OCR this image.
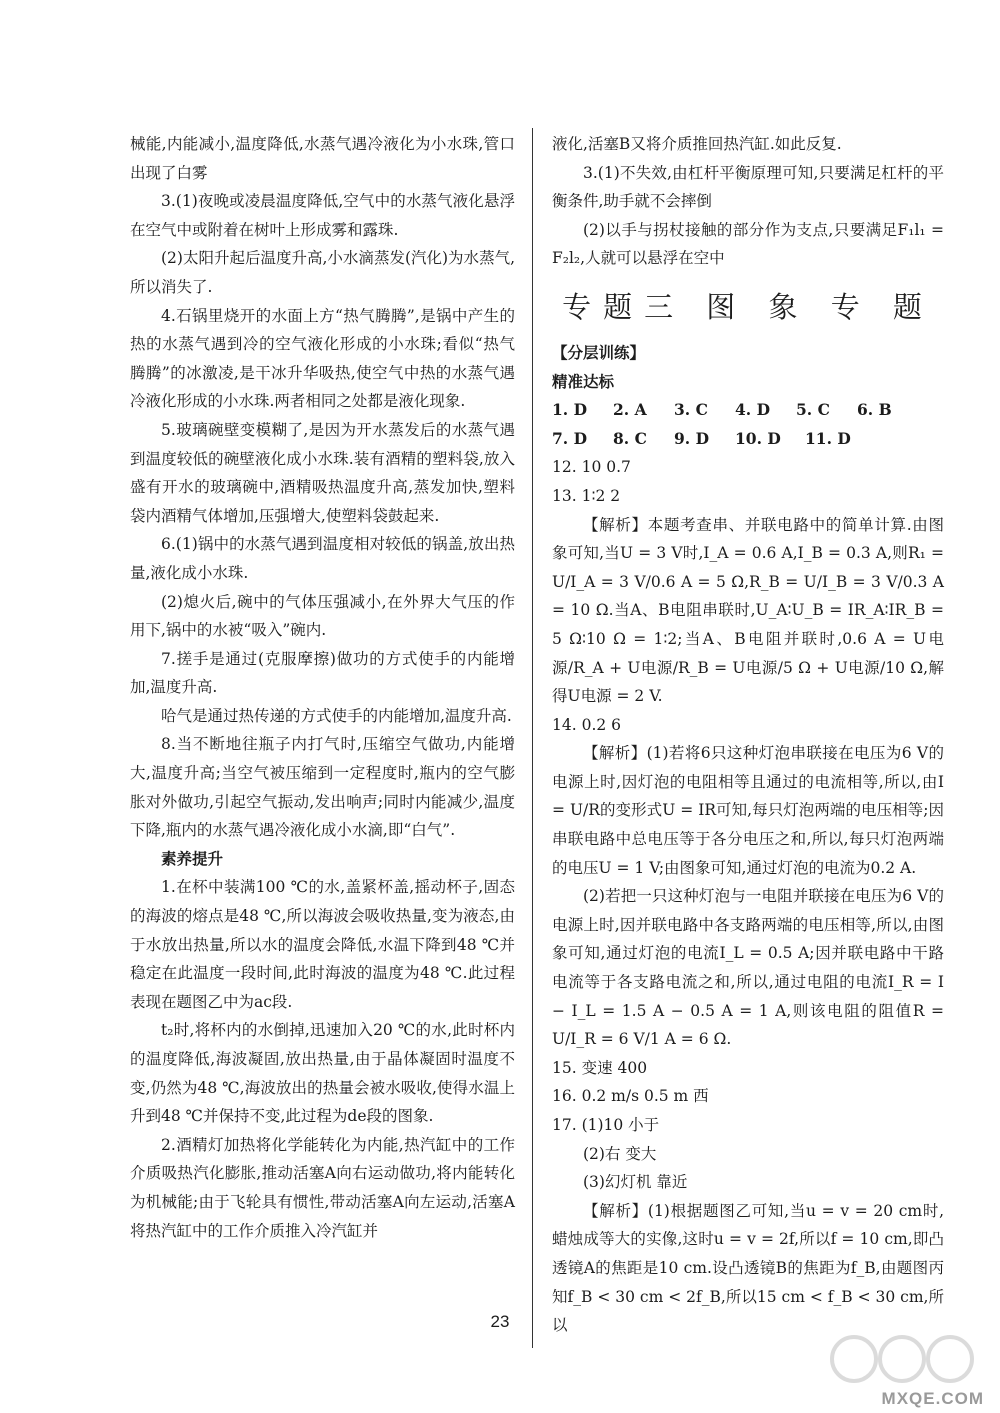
械能,内能减小,温度降低,水蒸气遇冷液化为小水珠,管口出现了白雾

3.(1)夜晚或凌晨温度降低,空气中的水蒸气液化悬浮在空气中或附着在树叶上形成雾和露珠.

(2)太阳升起后温度升高,小水滴蒸发(汽化)为水蒸气,所以消失了.

4.石锅里烧开的水面上方“热气腾腾”,是锅中产生的热的水蒸气遇到冷的空气液化形成的小水珠;看似“热气腾腾”的冰激凌,是干冰升华吸热,使空气中热的水蒸气遇冷液化形成的小水珠.两者相同之处都是液化现象.

5.玻璃碗壁变模糊了,是因为开水蒸发后的水蒸气遇到温度较低的碗壁液化成小水珠.装有酒精的塑料袋,放入盛有开水的玻璃碗中,酒精吸热温度升高,蒸发加快,塑料袋内酒精气体增加,压强增大,使塑料袋鼓起来.

6.(1)锅中的水蒸气遇到温度相对较低的锅盖,放出热量,液化成小水珠.

(2)熄火后,碗中的气体压强减小,在外界大气压的作用下,锅中的水被“吸入”碗内.

7.搓手是通过(克服摩擦)做功的方式使手的内能增加,温度升高.

哈气是通过热传递的方式使手的内能增加,温度升高.

8.当不断地往瓶子内打气时,压缩空气做功,内能增大,温度升高;当空气被压缩到一定程度时,瓶内的空气膨胀对外做功,引起空气振动,发出响声;同时内能减少,温度下降,瓶内的水蒸气遇冷液化成小水滴,即“白气”.

素养提升

1.在杯中装满100 ℃的水,盖紧杯盖,摇动杯子,固态的海波的熔点是48 ℃,所以海波会吸收热量,变为液态,由于水放出热量,所以水的温度会降低,水温下降到48 ℃并稳定在此温度一段时间,此时海波的温度为48 ℃.此过程表现在题图乙中为ac段.

t₂时,将杯内的水倒掉,迅速加入20 ℃的水,此时杯内的温度降低,海波凝固,放出热量,由于晶体凝固时温度不变,仍然为48 ℃,海波放出的热量会被水吸收,使得水温上升到48 ℃并保持不变,此过程为de段的图象.

2.酒精灯加热将化学能转化为内能,热汽缸中的工作介质吸热汽化膨胀,推动活塞A向右运动做功,将内能转化为机械能;由于飞轮具有惯性,带动活塞A向左运动,活塞A将热汽缸中的工作介质推入冷汽缸并

液化,活塞B又将介质推回热汽缸.如此反复.

3.(1)不失效,由杠杆平衡原理可知,只要满足杠杆的平衡条件,助手就不会摔倒

(2)以手与拐杖接触的部分作为支点,只要满足F₁l₁ = F₂l₂,人就可以悬浮在空中

专题三 图 象 专 题

【分层训练】

精准达标

1. D	2. A	3. C	4. D	5. C	6. B
7. D	8. C	9. D	10. D	11. D

12. 10 0.7

13. 1∶2 2

【解析】本题考查串、并联电路中的简单计算.由图象可知,当U = 3 V时,I_A = 0.6 A,I_B = 0.3 A,则R₁ = U/I_A = 3 V/0.6 A = 5 Ω,R_B = U/I_B = 3 V/0.3 A = 10 Ω.当A、B电阻串联时,U_A∶U_B = IR_A∶IR_B = 5 Ω∶10 Ω = 1∶2;当A、B电阻并联时,0.6 A = U电源/R_A + U电源/R_B = U电源/5 Ω + U电源/10 Ω,解得U电源 = 2 V.

14. 0.2 6

【解析】(1)若将6只这种灯泡串联接在电压为6 V的电源上时,因灯泡的电阻相等且通过的电流相等,所以,由I = U/R的变形式U = IR可知,每只灯泡两端的电压相等;因串联电路中总电压等于各分电压之和,所以,每只灯泡两端的电压U = 1 V;由图象可知,通过灯泡的电流为0.2 A.

(2)若把一只这种灯泡与一电阻并联接在电压为6 V的电源上时,因并联电路中各支路两端的电压相等,所以,由图象可知,通过灯泡的电流I_L = 0.5 A;因并联电路中干路电流等于各支路电流之和,所以,通过电阻的电流I_R = I − I_L = 1.5 A − 0.5 A = 1 A,则该电阻的阻值R = U/I_R = 6 V/1 A = 6 Ω.

15. 变速 400

16. 0.2 m/s 0.5 m 西

17. (1)10 小于

(2)右 变大

(3)幻灯机 靠近

【解析】(1)根据题图乙可知,当u = v = 20 cm时,蜡烛成等大的实像,这时u = v = 2f,所以f = 10 cm,即凸透镜A的焦距是10 cm.设凸透镜B的焦距为f_B,由题图丙知f_B < 30 cm < 2f_B,所以15 cm < f_B < 30 cm,所以

23
MXQE.COM
